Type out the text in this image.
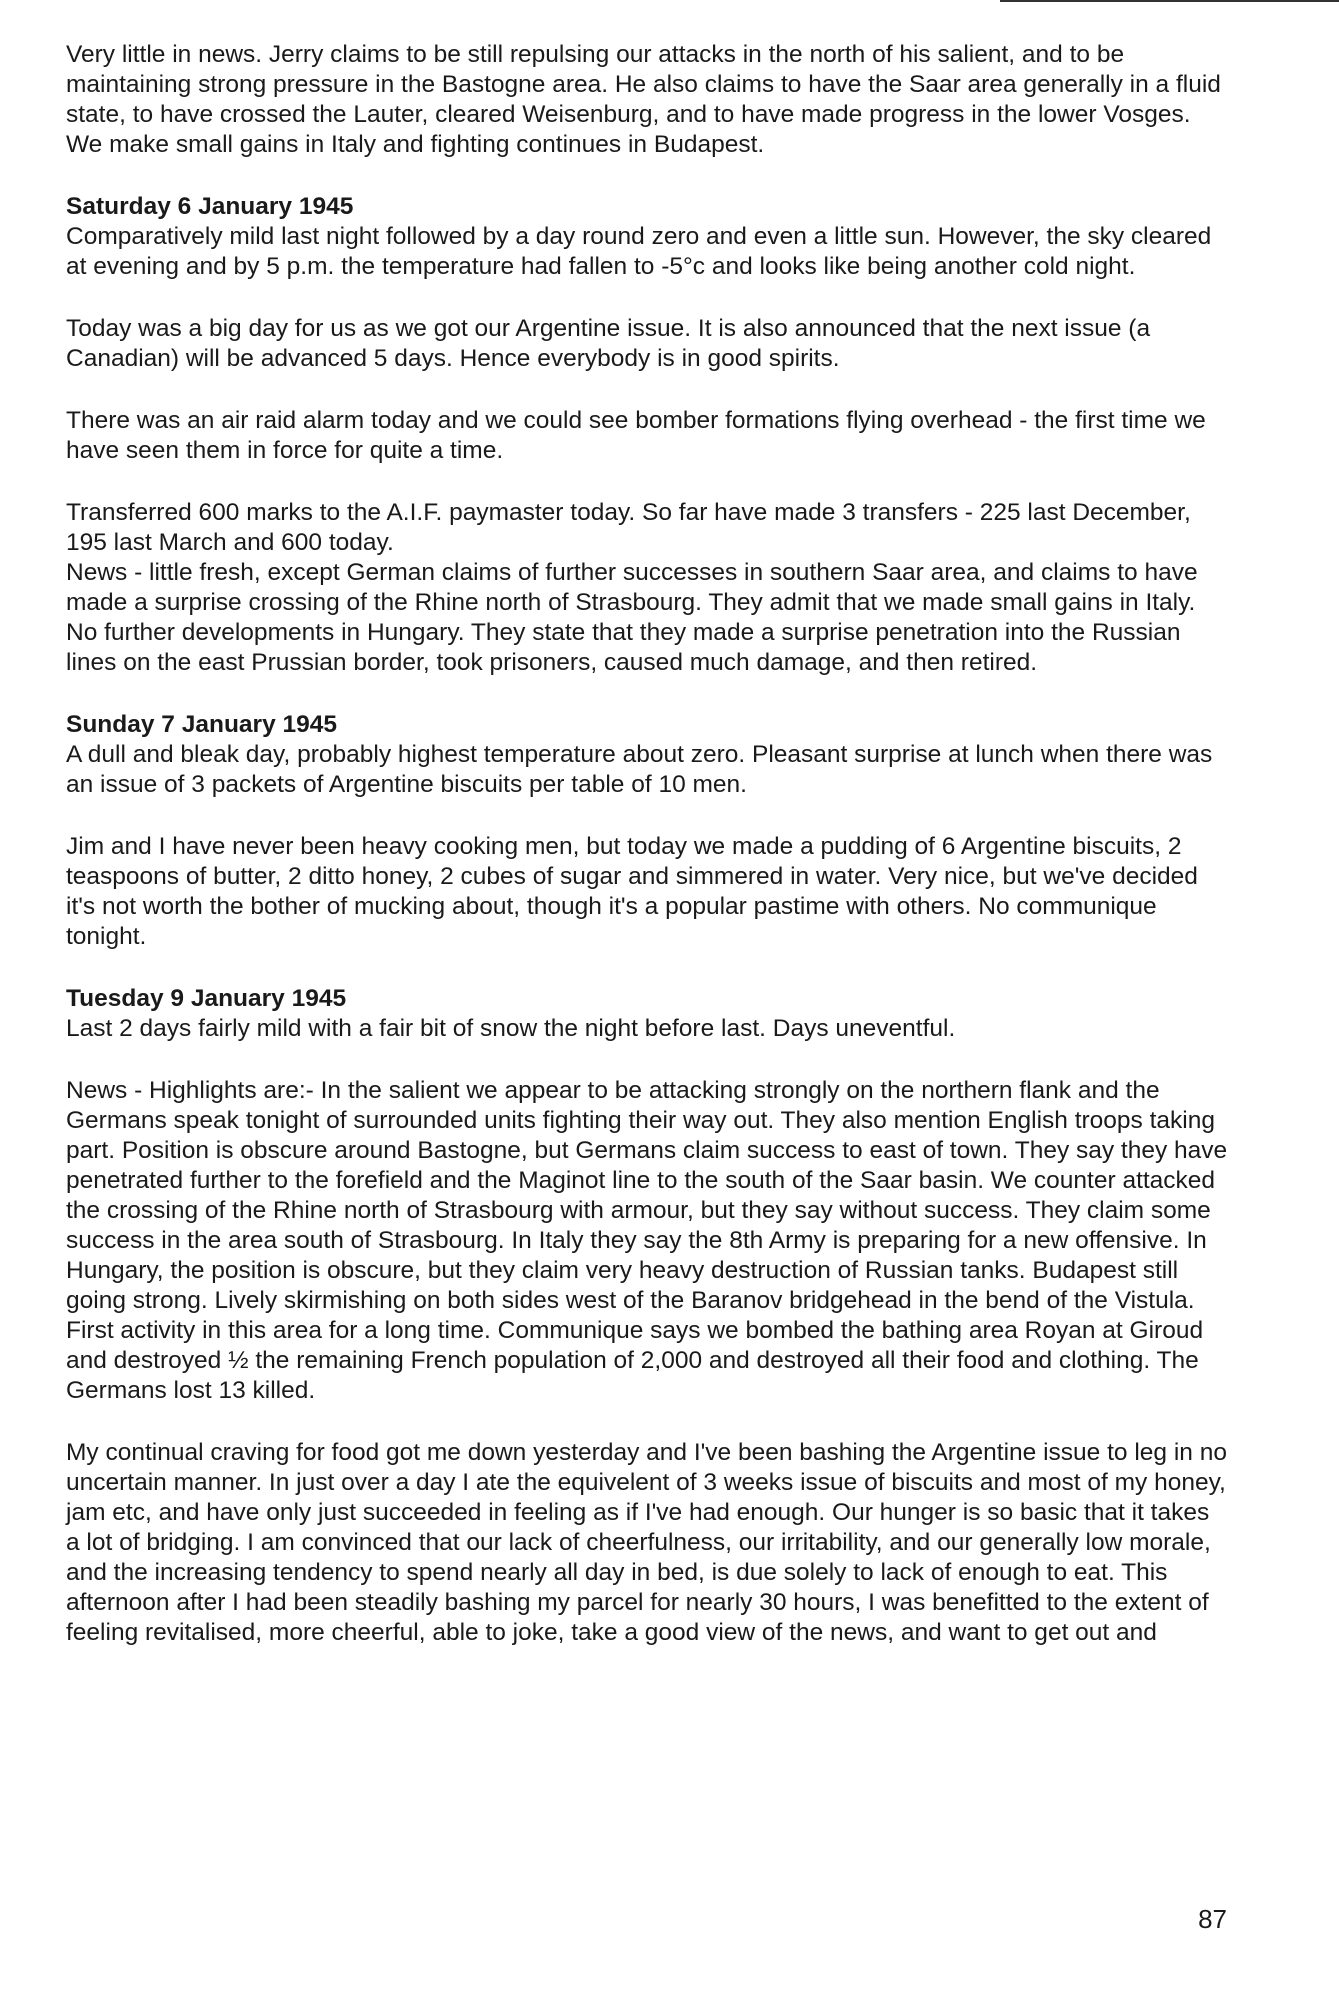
Very little in news. Jerry claims to be still repulsing our attacks in the north of his salient, and to be maintaining strong pressure in the Bastogne area. He also claims to have the Saar area generally in a fluid state, to have crossed the Lauter, cleared Weisenburg, and to have made progress in the lower Vosges. We make small gains in Italy and fighting continues in Budapest.

Saturday 6 January 1945

Comparatively mild last night followed by a day round zero and even a little sun. However, the sky cleared at evening and by 5 p.m. the temperature had fallen to -5°c and looks like being another cold night.

Today was a big day for us as we got our Argentine issue. It is also announced that the next issue (a Canadian) will be advanced 5 days. Hence everybody is in good spirits.

There was an air raid alarm today and we could see bomber formations flying overhead - the first time we have seen them in force for quite a time.

Transferred 600 marks to the A.I.F. paymaster today. So far have made 3 transfers - 225 last December, 195 last March and 600 today.

News - little fresh, except German claims of further successes in southern Saar area, and claims to have made a surprise crossing of the Rhine north of Strasbourg. They admit that we made small gains in Italy. No further developments in Hungary. They state that they made a surprise penetration into the Russian lines on the east Prussian border, took prisoners, caused much damage, and then retired.

Sunday 7 January 1945

A dull and bleak day, probably highest temperature about zero. Pleasant surprise at lunch when there was an issue of 3 packets of Argentine biscuits per table of 10 men.

Jim and I have never been heavy cooking men, but today we made a pudding of 6 Argentine biscuits, 2 teaspoons of butter, 2 ditto honey, 2 cubes of sugar and simmered in water. Very nice, but we've decided it's not worth the bother of mucking about, though it's a popular pastime with others. No communique tonight.

Tuesday 9 January 1945

Last 2 days fairly mild with a fair bit of snow the night before last. Days uneventful.

News - Highlights are:- In the salient we appear to be attacking strongly on the northern flank and the Germans speak tonight of surrounded units fighting their way out. They also mention English troops taking part. Position is obscure around Bastogne, but Germans claim success to east of town. They say they have penetrated further to the forefield and the Maginot line to the south of the Saar basin. We counter attacked the crossing of the Rhine north of Strasbourg with armour, but they say without success. They claim some success in the area south of Strasbourg. In Italy they say the 8th Army is preparing for a new offensive. In Hungary, the position is obscure, but they claim very heavy destruction of Russian tanks. Budapest still going strong. Lively skirmishing on both sides west of the Baranov bridgehead in the bend of the Vistula. First activity in this area for a long time. Communique says we bombed the bathing area Royan at Giroud and destroyed ½ the remaining French population of 2,000 and destroyed all their food and clothing. The Germans lost 13 killed.

My continual craving for food got me down yesterday and I've been bashing the Argentine issue to leg in no uncertain manner. In just over a day I ate the equivelent of 3 weeks issue of biscuits and most of my honey, jam etc, and have only just succeeded in feeling as if I've had enough. Our hunger is so basic that it takes a lot of bridging. I am convinced that our lack of cheerfulness, our irritability, and our generally low morale, and the increasing tendency to spend nearly all day in bed, is due solely to lack of enough to eat. This afternoon after I had been steadily bashing my parcel for nearly 30 hours, I was benefitted to the extent of feeling revitalised, more cheerful, able to joke, take a good view of the news, and want to get out and

87
